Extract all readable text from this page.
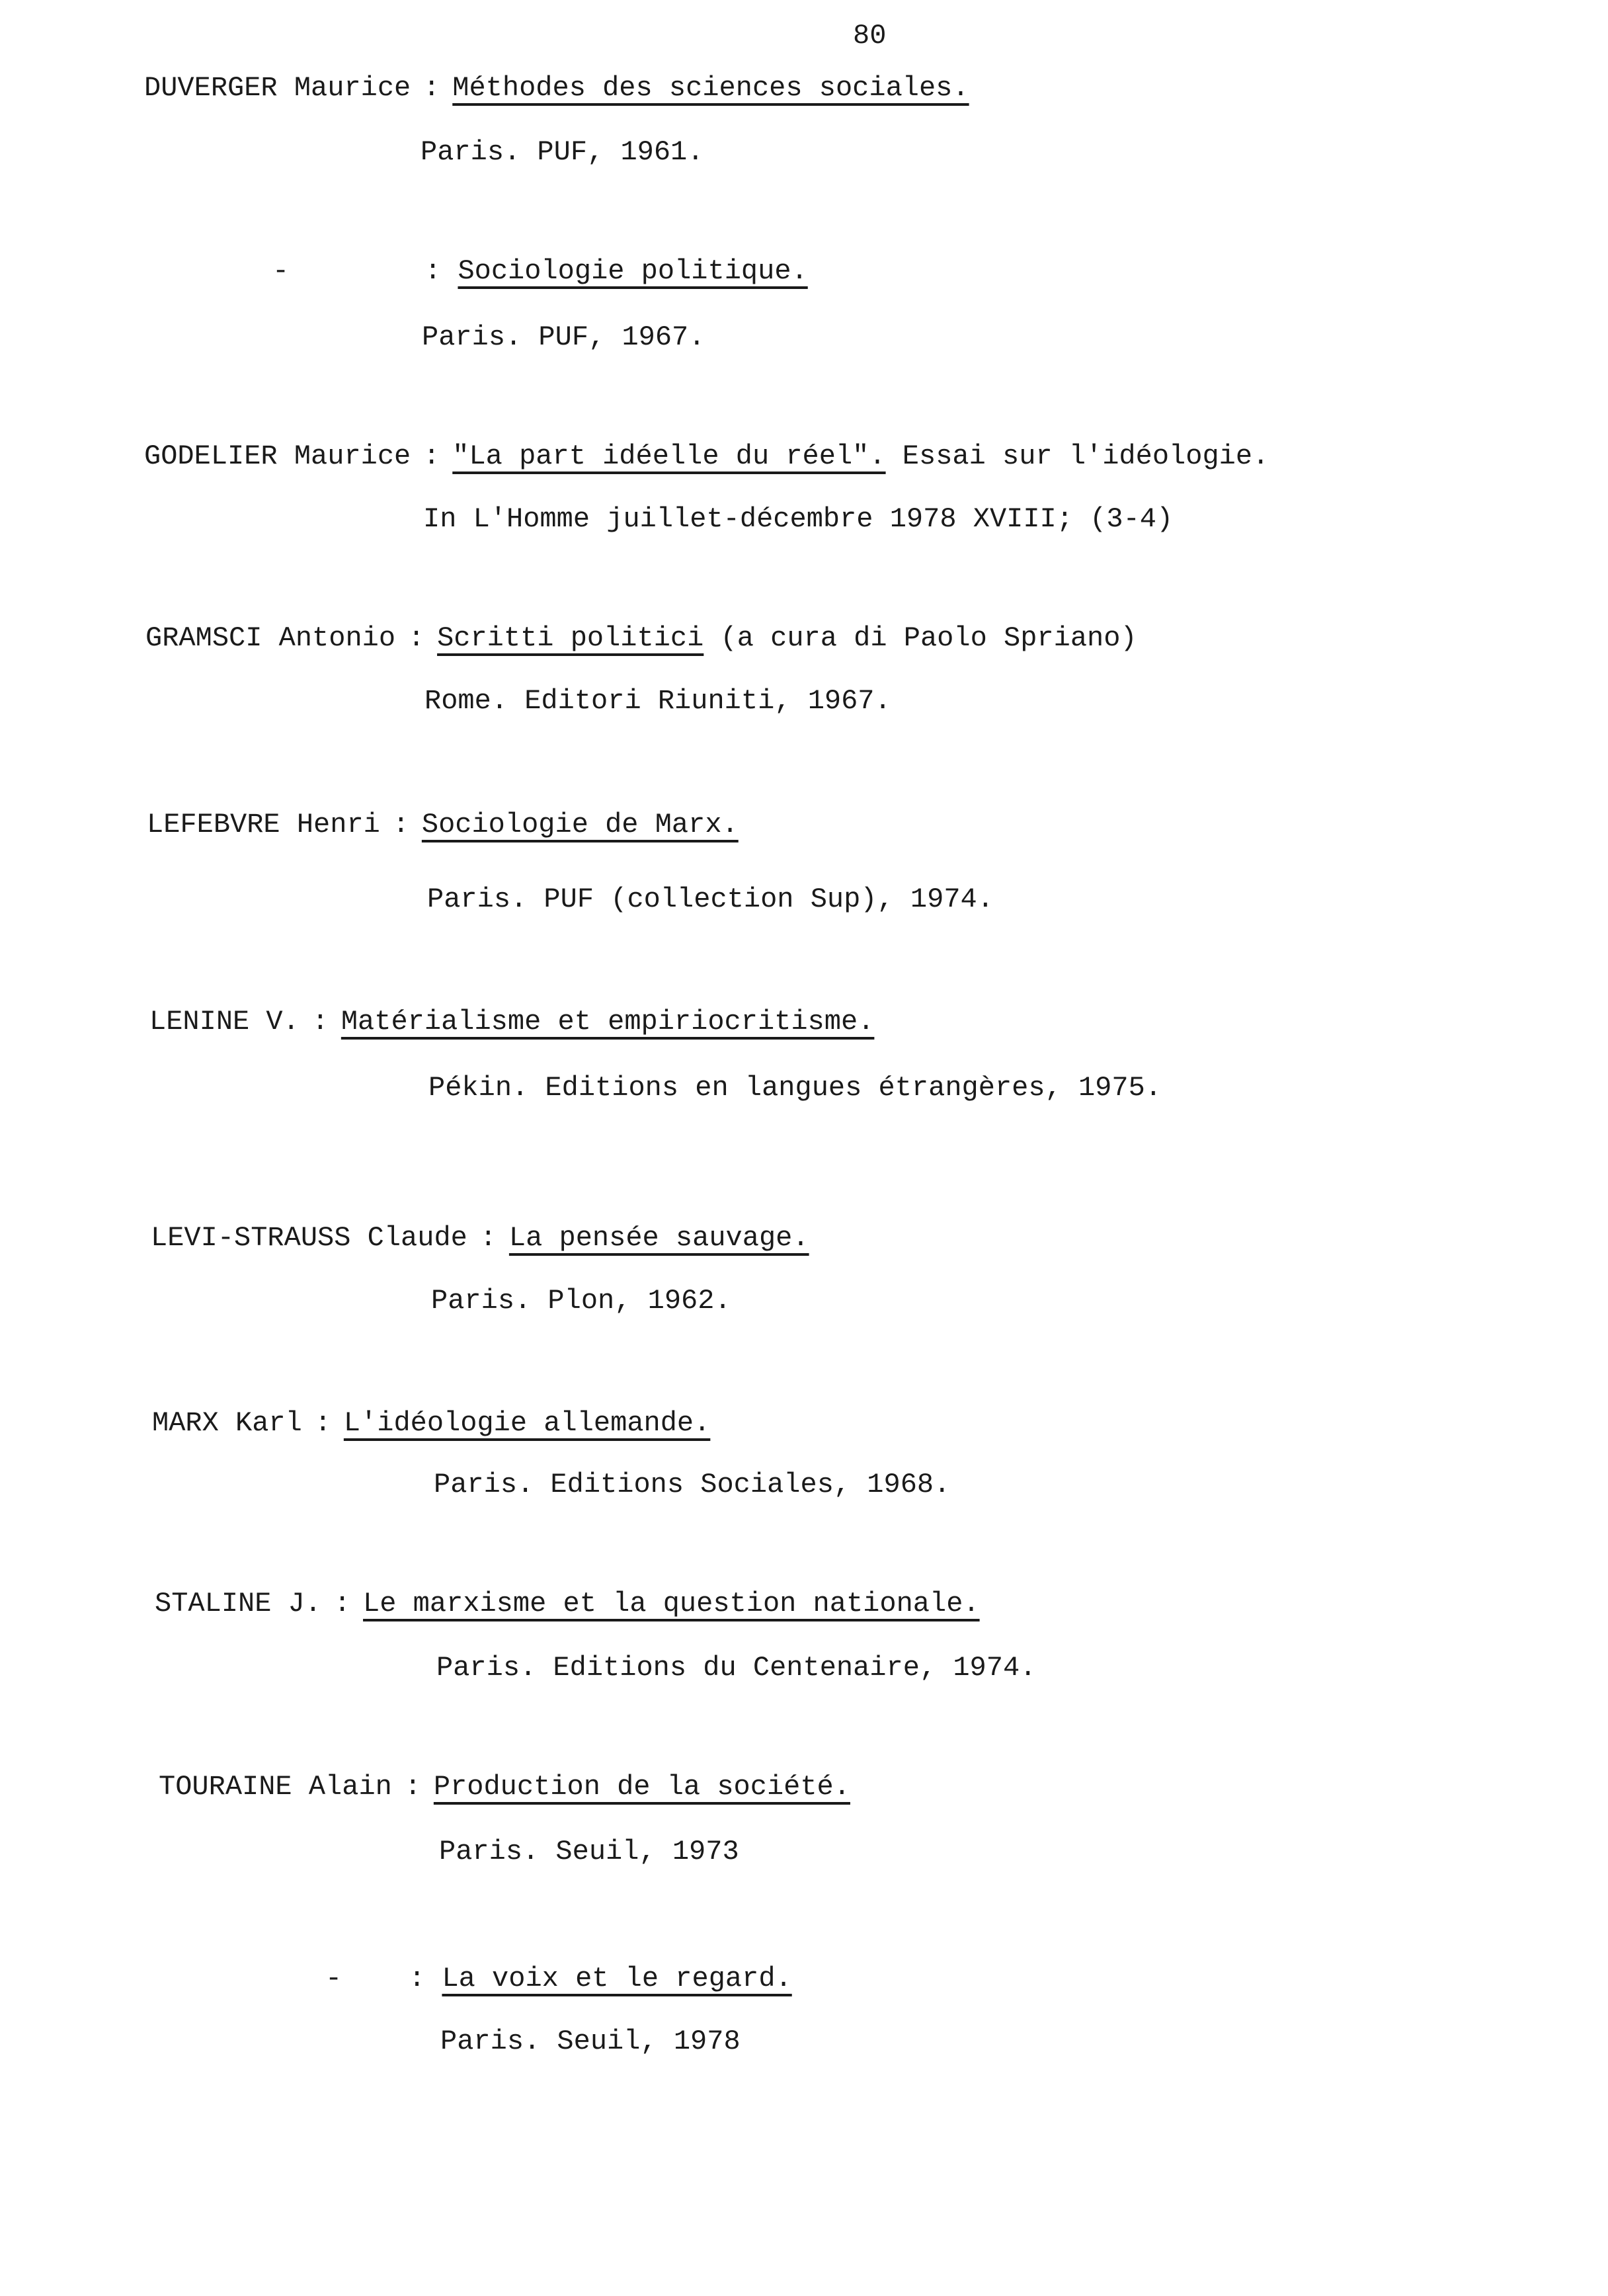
80
DUVERGER Maurice : Méthodes des sciences sociales.
Paris. PUF, 1961.
-	: Sociologie politique.
Paris. PUF, 1967.
GODELIER Maurice : "La part idéelle du réel". Essai sur l'idéologie.
In L'Homme juillet-décembre 1978 XVIII; (3-4)
GRAMSCI Antonio : Scritti politici (a cura di Paolo Spriano)
Rome. Editori Riuniti, 1967.
LEFEBVRE Henri : Sociologie de Marx.
Paris. PUF (collection Sup), 1974.
LENINE V. : Matérialisme et empiriocritisme.
Pékin. Editions en langues étrangères, 1975.
LEVI-STRAUSS Claude : La pensée sauvage.
Paris. Plon, 1962.
MARX Karl : L'idéologie allemande.
Paris. Editions Sociales, 1968.
STALINE J. : Le marxisme et la question nationale.
Paris. Editions du Centenaire, 1974.
TOURAINE Alain : Production de la société.
Paris. Seuil, 1973
- : La voix et le regard.
Paris. Seuil, 1978
